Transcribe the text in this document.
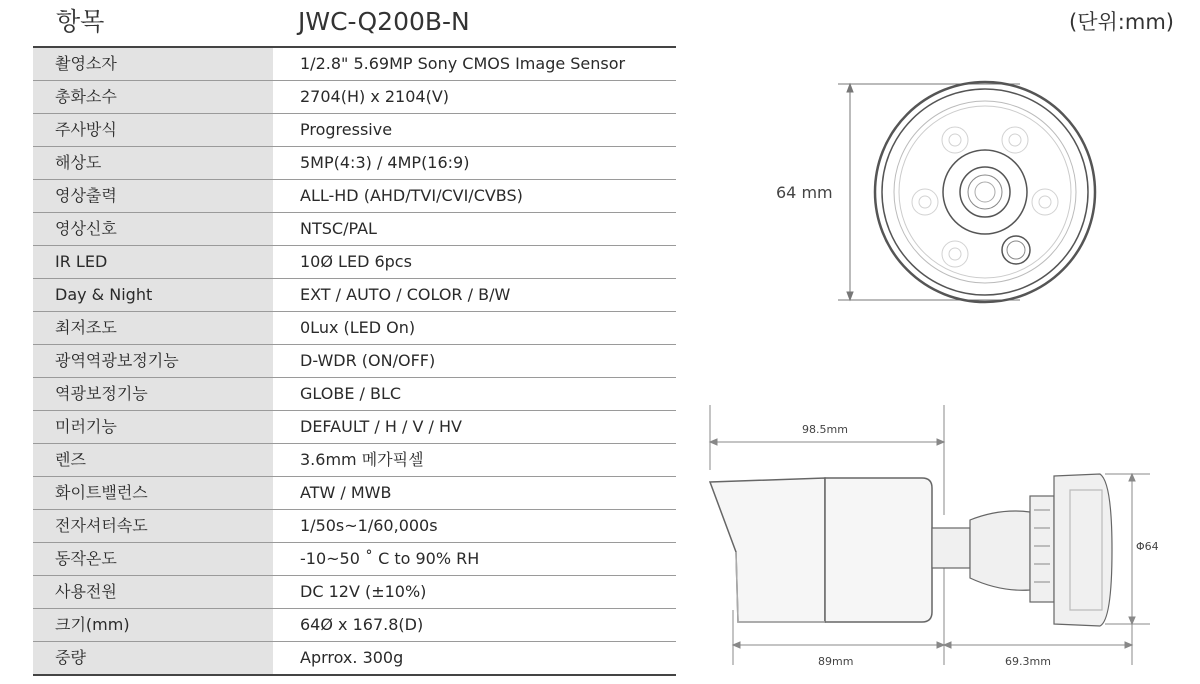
항목	JWC-Q200B-N	(단위:mm)
촬영소자	1/2.8" 5.69MP Sony CMOS Image Sensor
총화소수	2704(H) x 2104(V)
주사방식	Progressive
해상도	5MP(4:3) / 4MP(16:9)
영상출력	ALL-HD (AHD/TVI/CVI/CVBS)
영상신호	NTSC/PAL
IR LED	10Ø LED 6pcs
Day & Night	EXT / AUTO / COLOR / B/W
최저조도	0Lux (LED On)
광역역광보정기능	D-WDR (ON/OFF)
역광보정기능	GLOBE / BLC
미러기능	DEFAULT / H / V / HV
렌즈	3.6mm 메가픽셀
화이트밸런스	ATW / MWB
전자셔터속도	1/50s~1/60,000s
동작온도	-10~50 ˚ C to 90% RH
사용전원	DC 12V (±10%)
크기(mm)	64Ø x 167.8(D)
중량	Aprrox. 300g
64 mm
98.5mm
89mm	69.3mm
Φ64
